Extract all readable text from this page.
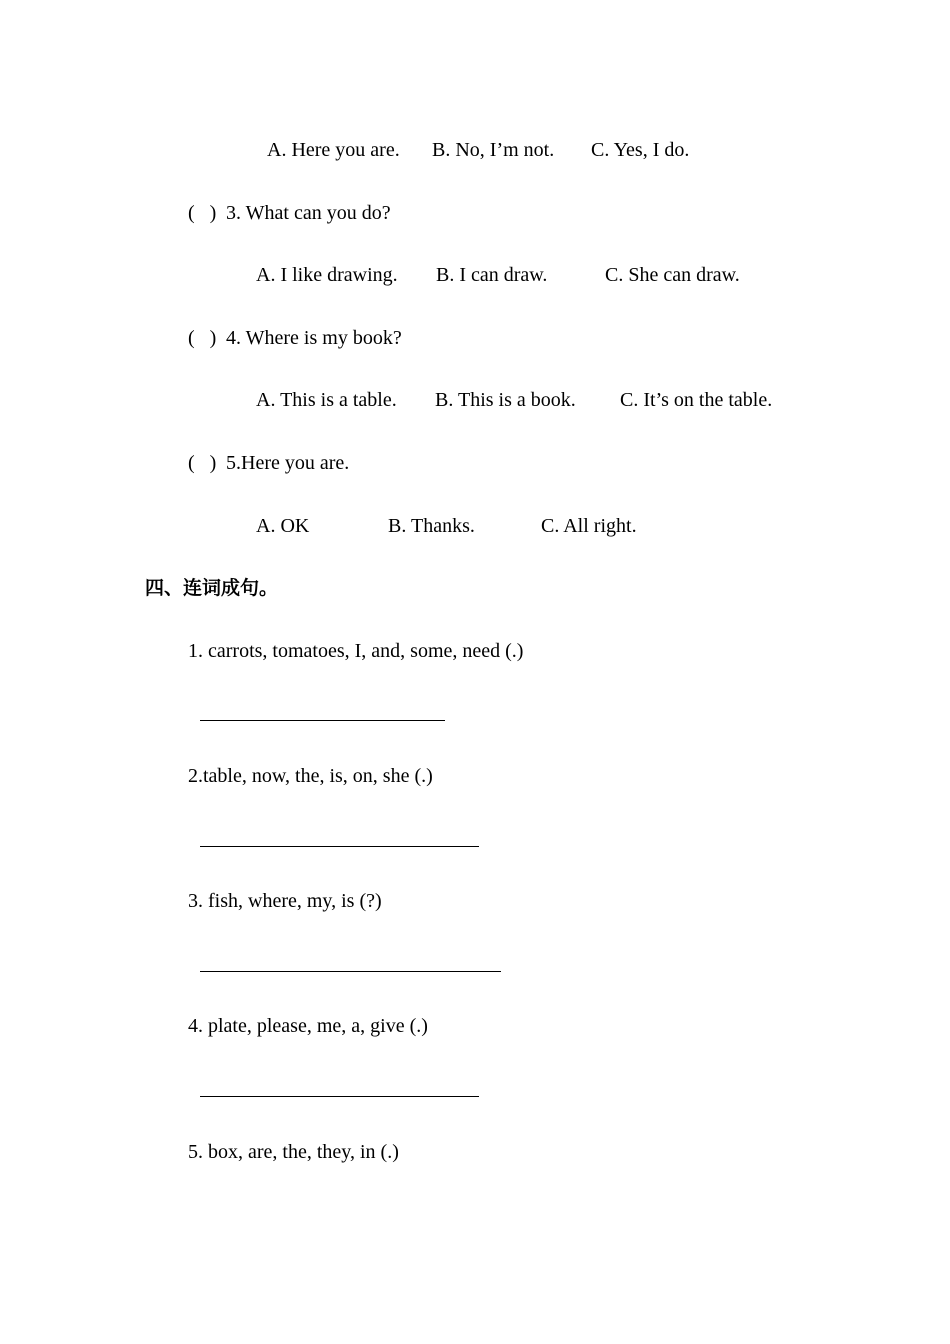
A. Here you are. B. No, I’m not. C. Yes, I do.
(   ) 3. What can you do?
A. I like drawing. B. I can draw.	C. She can draw.
(   ) 4. Where is my book?
A. This is a table. B. This is a book. C. It’s on the table.
(   ) 5.Here you are.
A. OK	B. Thanks.	C. All right.
四、连词成句。
1. carrots, tomatoes, I, and, some, need (.)
2.table, now, the, is, on, she (.)
3. fish, where, my, is (?)
4. plate, please, me, a, give (.)
5. box, are, the, they, in (.)
